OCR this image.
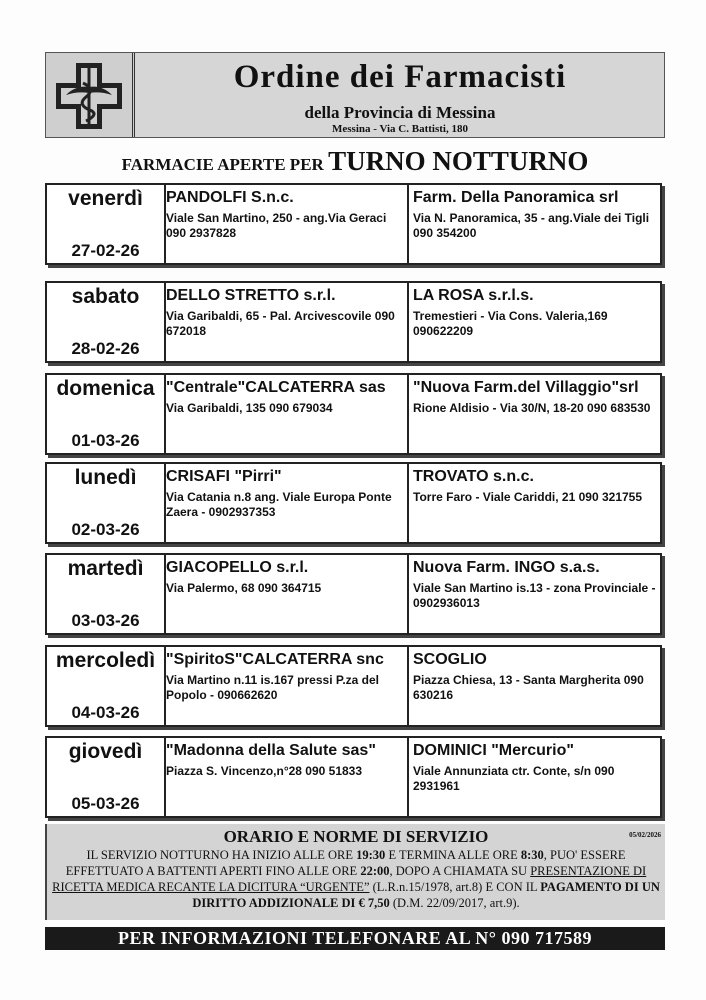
Ordine dei Farmacisti
della Provincia di Messina
Messina - Via C. Battisti, 180
FARMACIE APERTE PER TURNO NOTTURNO
venerdì
27-02-26
PANDOLFI S.n.c.
Viale San Martino, 250 - ang.Via Geraci 090 2937828
Farm. Della Panoramica srl
Via N. Panoramica, 35 - ang.Viale dei Tigli 090 354200
sabato
28-02-26
DELLO STRETTO s.r.l.
Via Garibaldi, 65 - Pal. Arcivescovile 090 672018
LA ROSA s.r.l.s.
Tremestieri - Via Cons. Valeria,169 090622209
domenica
01-03-26
"Centrale"CALCATERRA sas
Via Garibaldi, 135 090 679034
"Nuova Farm.del Villaggio"srl
Rione Aldisio - Via 30/N, 18-20 090 683530
lunedì
02-03-26
CRISAFI "Pirri"
Via Catania n.8 ang. Viale Europa Ponte Zaera - 0902937353
TROVATO s.n.c.
Torre Faro - Viale Cariddi, 21 090 321755
martedì
03-03-26
GIACOPELLO s.r.l.
Via Palermo, 68 090 364715
Nuova Farm. INGO s.a.s.
Viale San Martino is.13 - zona Provinciale - 0902936013
mercoledì
04-03-26
"SpiritoS"CALCATERRA snc
Via Martino n.11 is.167 pressi P.za del Popolo - 090662620
SCOGLIO
Piazza Chiesa, 13 - Santa Margherita 090 630216
giovedì
05-03-26
"Madonna della Salute sas"
Piazza S. Vincenzo,n°28 090 51833
DOMINICI "Mercurio"
Viale Annunziata ctr. Conte, s/n 090 2931961
ORARIO E NORME DI SERVIZIO	05/02/2026
IL SERVIZIO NOTTURNO HA INIZIO ALLE ORE 19:30 E TERMINA ALLE ORE 8:30, PUO' ESSERE EFFETTUATO A BATTENTI APERTI FINO ALLE ORE 22:00, DOPO A CHIAMATA SU PRESENTAZIONE DI RICETTA MEDICA RECANTE LA DICITURA “URGENTE” (L.R.n.15/1978, art.8) E CON IL PAGAMENTO DI UN DIRITTO ADDIZIONALE DI € 7,50 (D.M. 22/09/2017, art.9).
PER INFORMAZIONI TELEFONARE AL N° 090 717589
